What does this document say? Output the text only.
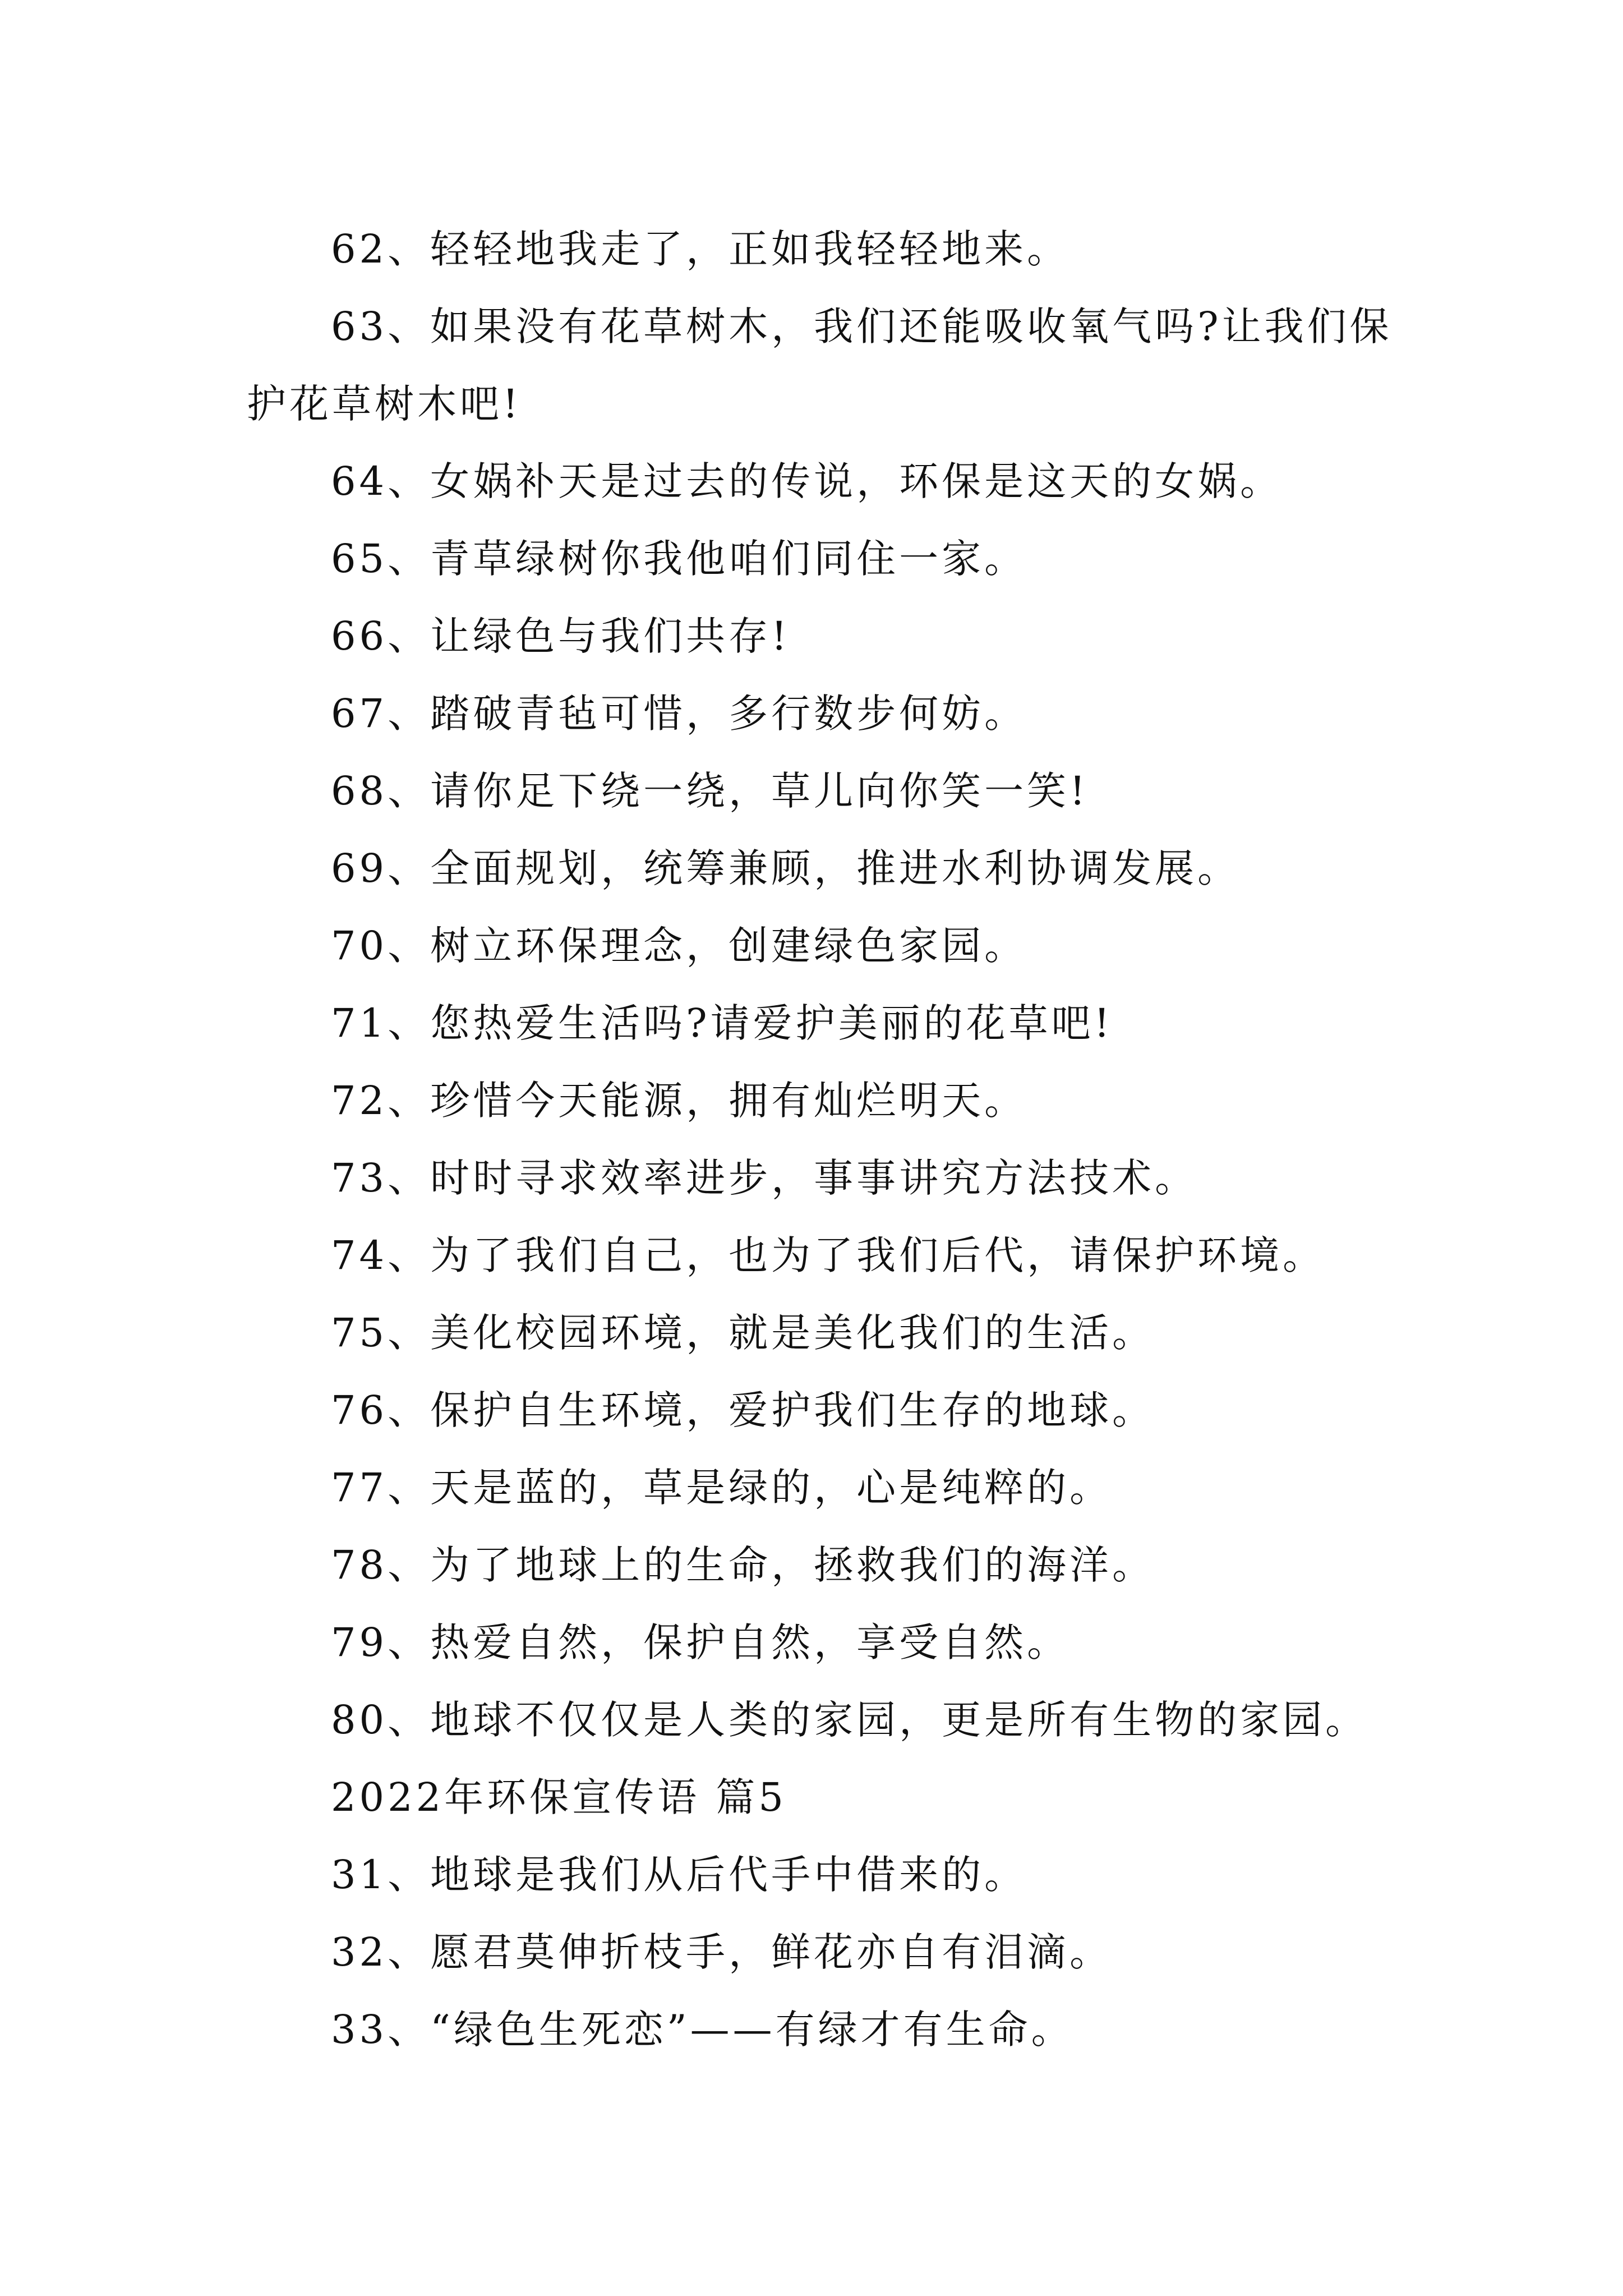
62、轻轻地我走了，正如我轻轻地来。

63、如果没有花草树木，我们还能吸收氧气吗?让我们保护花草树木吧!

64、女娲补天是过去的传说，环保是这天的女娲。

65、青草绿树你我他咱们同住一家。

66、让绿色与我们共存!

67、踏破青毡可惜，多行数步何妨。

68、请你足下绕一绕，草儿向你笑一笑!

69、全面规划，统筹兼顾，推进水利协调发展。

70、树立环保理念，创建绿色家园。

71、您热爱生活吗?请爱护美丽的花草吧!

72、珍惜今天能源，拥有灿烂明天。

73、时时寻求效率进步，事事讲究方法技术。

74、为了我们自己，也为了我们后代，请保护环境。

75、美化校园环境，就是美化我们的生活。

76、保护自生环境，爱护我们生存的地球。

77、天是蓝的，草是绿的，心是纯粹的。

78、为了地球上的生命，拯救我们的海洋。

79、热爱自然，保护自然，享受自然。

80、地球不仅仅是人类的家园，更是所有生物的家园。

2022年环保宣传语 篇5

31、地球是我们从后代手中借来的。

32、愿君莫伸折枝手，鲜花亦自有泪滴。

33、“绿色生死恋”——有绿才有生命。
